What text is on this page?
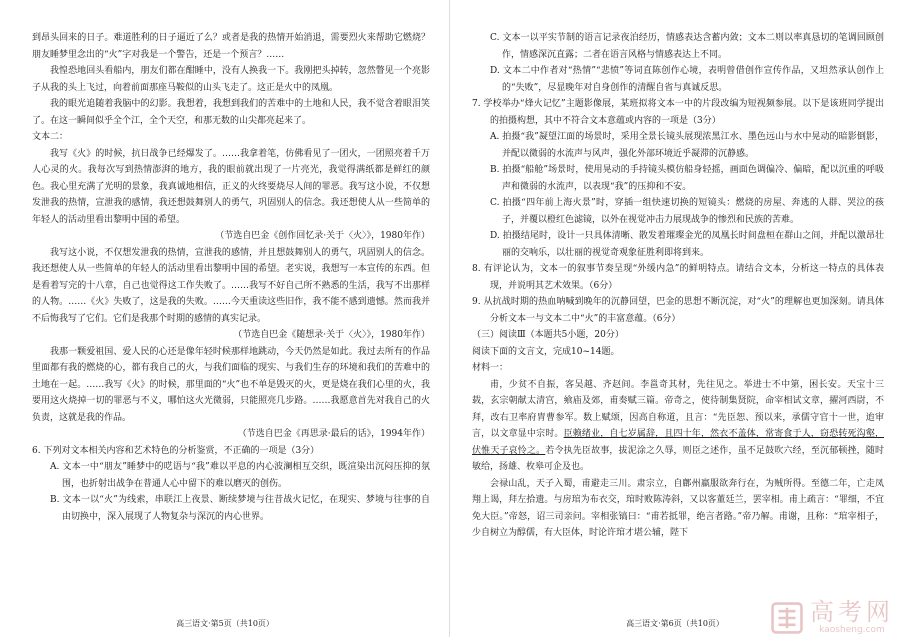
到昂头回来的日子。难道胜利的日子逼近了么？或者是我的热情开始消退，需要烈火来帮助它燃烧？朋友睡梦里念出的“火”字对我是一个警告，还是一个预言？……

我惶恐地回头看船内，朋友们都在酣睡中，没有人换我一下。我刚把头掉转，忽然瞥见一个亮影子从我的头上飞过，向着前面那座马鞍似的山头飞走了。这正是火中的凤凰。

我的眼光追随着我脑中的幻影。我想着，我想到我们的苦难中的土地和人民，我不觉含着眼泪笑了。在这一瞬间似乎全个江，全个天空，和那无数的山尖都亮起来了。

文本二：

我写《火》的时候，抗日战争已经爆发了。……我拿着笔，仿佛看见了一团火，一团照亮着千万人心灵的火。我每次写到热情澎湃的地方，我的眼前就出现了一片亮光，我觉得满纸都是鲜红的颜色。我心里充满了光明的景象，我真诚地相信，正义的火终要烧尽人间的罪恶。我写这小说，不仅想发泄我的热情，宣泄我的感情，我还想鼓舞别人的勇气，巩固别人的信念。我还想使人从一些简单的年轻人的活动里看出黎明中国的希望。

（节选自巴金《创作回忆录·关于〈火〉》，1980年作）

我写这小说，不仅想发泄我的热情，宣泄我的感情，并且想鼓舞别人的勇气，巩固别人的信念。我还想使人从一些简单的年轻人的活动里看出黎明中国的希望。老实说，我想写一本宣传的东西。但是看着写完的十八章，自己也觉得这工作失败了。……我写不好自己所不熟悉的生活，我写不出那样的人物。……《火》失败了，这是我的失败。……今天重读这些旧作，我不能不感到遗憾。然而我并不后悔我写了它们。它们是我那个时期的感情的真实记录。

（节选自巴金《随想录·关于〈火〉》，1980年作）

我那一颗爱祖国、爱人民的心还是像年轻时候那样地跳动，今天仍然是如此。我过去所有的作品里面都有我的燃烧的心，都有我自己的火，与我们面临的现实、与我们生存的环境和我们的苦难中的土地在一起。……我写《火》的时候，那里面的“火”也不单是毁灭的火，更是烧在我们心里的火，我要用这火烧掉一切的罪恶与不义，哪怕这火光微弱，只能照亮几步路。……我愿意首先对我自己的火负责，这就是我的作品。

（节选自巴金《再思录·最后的话》，1994年作）

6. 下列对文本相关内容和艺术特色的分析鉴赏，不正确的一项是（3分）

A. 文本一中“朋友”睡梦中的呓语与“我”难以平息的内心波澜相互交织，既渲染出沉闷压抑的氛围，也折射出战争在普通人心中留下的难以磨灭的创伤。

B. 文本一以“火”为线索，串联江上夜景、断续梦境与往昔战火记忆，在现实、梦境与往事的自由切换中，深入展现了人物复杂与深沉的内心世界。

高三语文·第5页（共10页）

C. 文本一以平实节制的语言记录夜泊经历，情感表达含蓄内敛；文本二则以率真恳切的笔调回顾创作，情感深沉直露；二者在语言风格与情感表达上不同。

D. 文本二中作者对“热情”“悲愤”等词直陈创作心境，表明曾借创作宣传作品，又坦然承认创作上的“失败”，尽显晚年对自身创作的清醒自省与真诚反思。

7. 学校举办“烽火记忆”主题影像展，某班拟将文本一中的片段改编为短视频参展。以下是该班同学提出的拍摄构想，其中不符合文本意蕴或内容的一项是（3分）

A. 拍摄“我”凝望江面的场景时，采用全景长镜头展现浓黑江水、墨色远山与水中晃动的暗影倒影，并配以微弱的水流声与风声，强化外部环境近乎凝滞的沉静感。

B. 拍摄“船舱”场景时，使用晃动的手持镜头模仿船身轻摇，画面色调偏冷、偏暗，配以沉重的呼吸声和微弱的水流声，以表现“我”的压抑和不安。

C. 拍摄“四年前上海火景”时，穿插一组快速切换的短镜头：燃烧的房屋、奔逃的人群、哭泣的孩子，并覆以橙红色滤镜，以外在视觉冲击力展现战争的惨烈和民族的苦难。

D. 拍摄结尾时，设计一只具体清晰、散发着璀璨金光的凤凰长时间盘桓在群山之间，并配以激昂壮丽的交响乐，以壮丽的视觉奇观象征胜利即将到来。

8. 有评论认为，文本一的叙事节奏呈现“外缓内急”的鲜明特点。请结合文本，分析这一特点的具体表现，并说明其艺术效果。（6分）

9. 从抗战时期的热血呐喊到晚年的沉静回望，巴金的思想不断沉淀，对“火”的理解也更加深刻。请具体分析文本一与文本二中“火”的丰富意蕴。（6分）

（三）阅读Ⅲ（本题共5小题，20分）

阅读下面的文言文，完成10~14题。

材料一：

甫，少贫不自振，客吴越、齐赵间。李邕奇其材，先往见之。举进士不中第，困长安。天宝十三载，玄宗朝献太清宫，飨庙及郊，甫奏赋三篇。帝奇之，使待制集贤院，命宰相试文章，擢河西尉，不拜，改右卫率府胄曹参军。数上赋颂，因高自称道，且言：“先臣恕、预以来，承儒守官十一世，迨审言，以文章显中宗时。臣赖绪业，自七岁属辞，且四十年，然衣不盖体，常寄食于人，窃恐转死沟壑，伏惟天子哀怜之。若令执先臣故事，拔泥涂之久辱，则臣之述作，虽不足鼓吹六经，至沉郁顿挫，随时敏给，扬雄、枚皋可企及也。

会禄山乱，天子入蜀，甫避走三川。肃宗立，自鄜州羸服欲奔行在，为贼所得。至德二年，亡走凤翔上谒，拜左拾遗。与房琯为布衣交，琯时败陈涛斜，又以客董廷兰，罢宰相。甫上疏言：“罪细，不宜免大臣。”帝怒，诏三司亲问。宰相张镐曰：“甫若抵罪，绝言者路。”帝乃解。甫谢，且称：“琯宰相子，少自树立为醇儒，有大臣体，时论许琯才堪公辅，陛下

高三语文·第6页（共10页）	高考网
kaosheng.com
